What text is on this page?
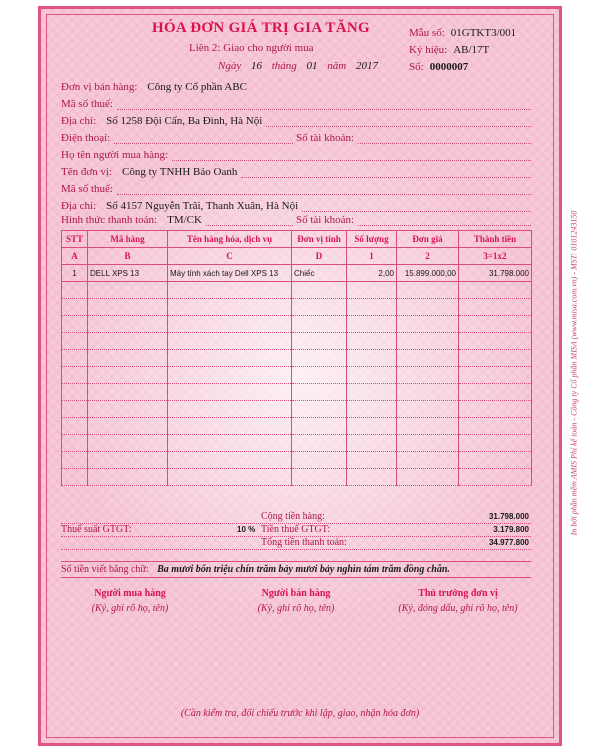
HÓA ĐƠN GIÁ TRỊ GIA TĂNG
Liên 2: Giao cho người mua
Ngày 16 tháng 01 năm 2017
Mẫu số: 01GTKT3/001
Ký hiệu: AB/17T
Số: 0000007
Đơn vị bán hàng: Công ty Cổ phần ABC
Mã số thuế:
Địa chỉ: Số 1258 Đội Cấn, Ba Đình, Hà Nội
Điện thoại:	Số tài khoản:
Họ tên người mua hàng:
Tên đơn vị: Công ty TNHH Bảo Oanh
Mã số thuế:
Địa chỉ: Số 4157 Nguyễn Trãi, Thanh Xuân, Hà Nội
Hình thức thanh toán: TM/CK	Số tài khoản:
STT	Mã hàng	Tên hàng hóa, dịch vụ	Đơn vị tính	Số lượng	Đơn giá	Thành tiền
A	B	C	D	1	2	3=1x2
1	DELL XPS 13	Máy tính xách tay Dell XPS 13	Chiếc	2,00	15.899.000,00	31.798.000

Cộng tiền hàng:	31.798.000
Thuế suất GTGT:	10 % Tiền thuế GTGT:	3.179.800
Tổng tiền thanh toán:	34.977.800
Số tiền viết bằng chữ: Ba mươi bốn triệu chín trăm bảy mươi bảy nghìn tám trăm đồng chẵn.
Người mua hàng
(Ký, ghi rõ họ, tên)
Người bán hàng
(Ký, ghi rõ họ, tên)
Thủ trưởng đơn vị
(Ký, đóng dấu, ghi rõ họ, tên)
(Cần kiểm tra, đối chiếu trước khi lập, giao, nhận hóa đơn)
In bởi phần mềm AMIS Phí kế toán - Công ty Cổ phần MISA (www.misa.com.vn) - MST: 0101243150
